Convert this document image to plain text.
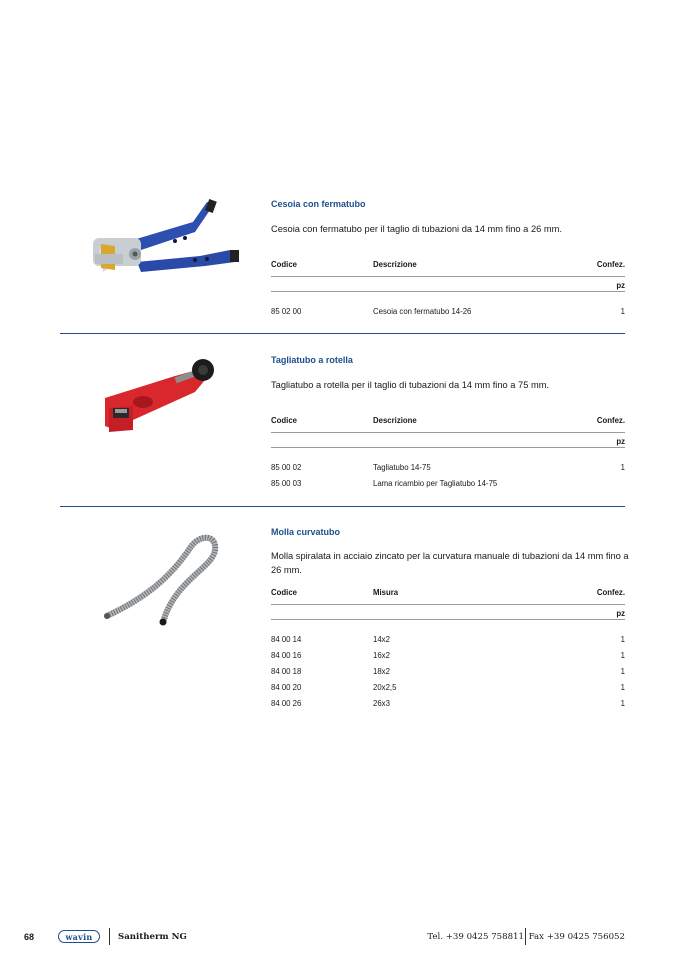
Cesoia con fermatubo
Cesoia con fermatubo per il taglio di tubazioni da 14 mm fino a 26 mm.
Codice	Descrizione	Confez.
pz
85 02 00	Cesoia con fermatubo 14-26	1
Tagliatubo a rotella
Tagliatubo a rotella per il taglio di tubazioni da 14 mm fino a 75 mm.
Codice	Descrizione	Confez.
pz
85 00 02	Tagliatubo 14-75	1
85 00 03	Lama ricambio per Tagliatubo 14-75
Molla curvatubo
Molla spiralata in acciaio zincato per la curvatura manuale di tubazioni da 14 mm fino a 26 mm.
Codice	Misura	Confez.
pz
84 00 14	14x2	1
84 00 16	16x2	1
84 00 18	18x2	1
84 00 20	20x2,5	1
84 00 26	26x3	1
68	wavin	Sanitherm NG	Tel. +39 0425 758811 Fax +39 0425 756052
